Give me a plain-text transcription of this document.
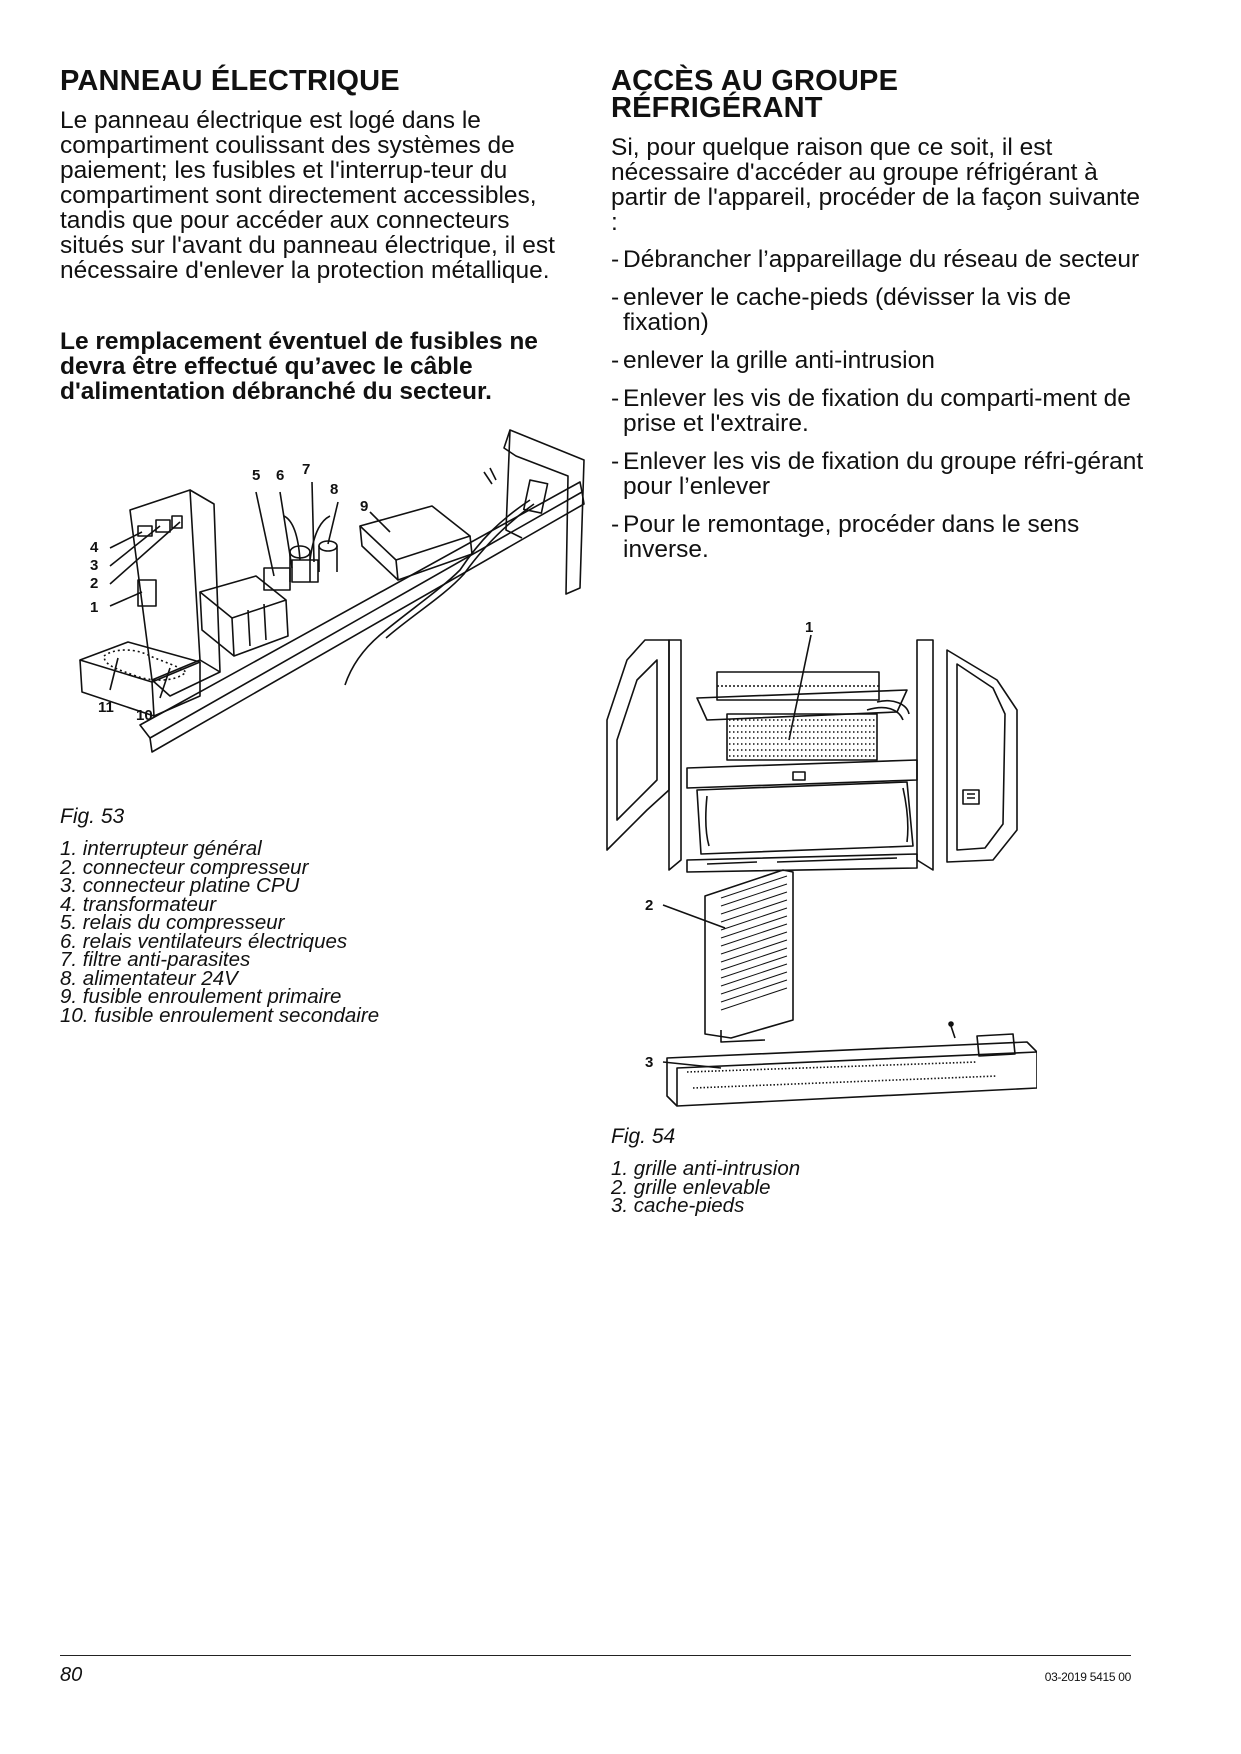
PANNEAU ÉLECTRIQUE

Le panneau électrique est logé dans le compartiment coulissant des systèmes de paiement; les fusibles et l'interrup-teur du compartiment sont directement accessibles, tandis que pour accéder aux connecteurs situés sur l'avant du panneau électrique, il est nécessaire d'enlever la protection métallique.

Le remplacement éventuel de fusibles ne devra être effectué qu’avec le câble d'alimentation débranché du secteur.

4
3
2
1
5 6 7
8
9
11 10
Fig. 53
1. interrupteur général
2. connecteur compresseur
3. connecteur platine CPU
4. transformateur
5. relais du compresseur
6. relais ventilateurs électriques
7. filtre anti-parasites
8. alimentateur 24V
9. fusible enroulement primaire
10. fusible enroulement secondaire
ACCÈS AU GROUPE
RÉFRIGÉRANT

Si, pour quelque raison que ce soit, il est nécessaire d'accéder au groupe réfrigérant à partir de l'appareil, procéder de la façon suivante :

- Débrancher l’appareillage du réseau de secteur
- enlever le cache-pieds (dévisser la vis de fixation)
- enlever la grille anti-intrusion
- Enlever les vis de fixation du comparti-ment de prise et l'extraire.
- Enlever les vis de fixation du groupe réfri-gérant pour l’enlever
- Pour le remontage, procéder dans le sens inverse.
1
2
3
Fig. 54
1. grille anti-intrusion
2. grille enlevable
3. cache-pieds
80	03-2019 5415 00
